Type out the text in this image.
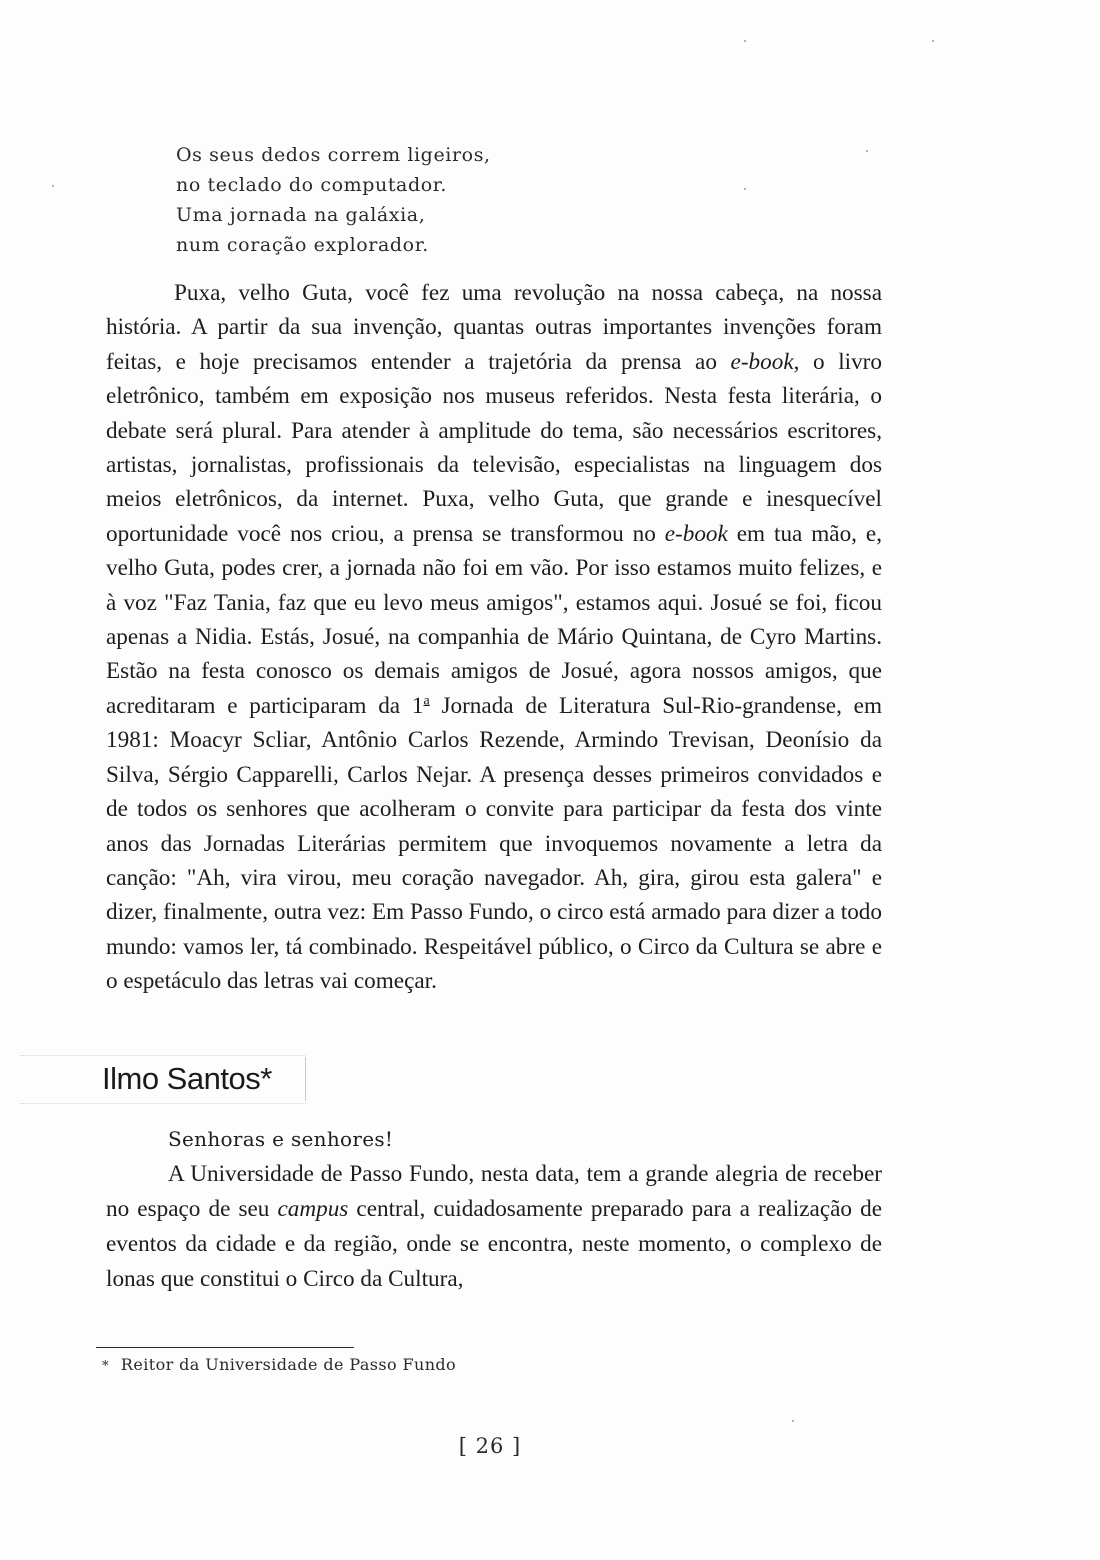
Os seus dedos correm ligeiros,
no teclado do computador.
Uma jornada na galáxia,
num coração explorador.

Puxa, velho Guta, você fez uma revolução na nossa cabeça, na nossa história. A partir da sua invenção, quantas outras importantes invenções foram feitas, e hoje precisamos entender a trajetória da prensa ao e-book, o livro eletrônico, também em exposição nos museus referidos. Nesta festa literária, o debate será plural. Para atender à amplitude do tema, são necessários escritores, artistas, jornalistas, profissionais da televisão, especialistas na linguagem dos meios eletrônicos, da internet. Puxa, velho Guta, que grande e inesquecível oportunidade você nos criou, a prensa se transformou no e-book em tua mão, e, velho Guta, podes crer, a jornada não foi em vão. Por isso estamos muito felizes, e à voz "Faz Tania, faz que eu levo meus amigos", estamos aqui. Josué se foi, ficou apenas a Nidia. Estás, Josué, na companhia de Mário Quintana, de Cyro Martins. Estão na festa conosco os demais amigos de Josué, agora nossos amigos, que acreditaram e participaram da 1$^a$ Jornada de Literatura Sul-Rio-grandense, em 1981: Moacyr Scliar, Antônio Carlos Rezende, Armindo Trevisan, Deonísio da Silva, Sérgio Capparelli, Carlos Nejar. A presença desses primeiros convidados e de todos os senhores que acolheram o convite para participar da festa dos vinte anos das Jornadas Literárias permitem que invoquemos novamente a letra da canção: "Ah, vira virou, meu coração navegador. Ah, gira, girou esta galera" e dizer, finalmente, outra vez: Em Passo Fundo, o circo está armado para dizer a todo mundo: vamos ler, tá combinado. Respeitável público, o Circo da Cultura se abre e o espetáculo das letras vai começar.

Ilmo Santos*

Senhoras e senhores!

A Universidade de Passo Fundo, nesta data, tem a grande alegria de receber no espaço de seu campus central, cuidadosamente preparado para a realização de eventos da cidade e da região, onde se encontra, neste momento, o complexo de lonas que constitui o Circo da Cultura,

* Reitor da Universidade de Passo Fundo
[ 26 ]
